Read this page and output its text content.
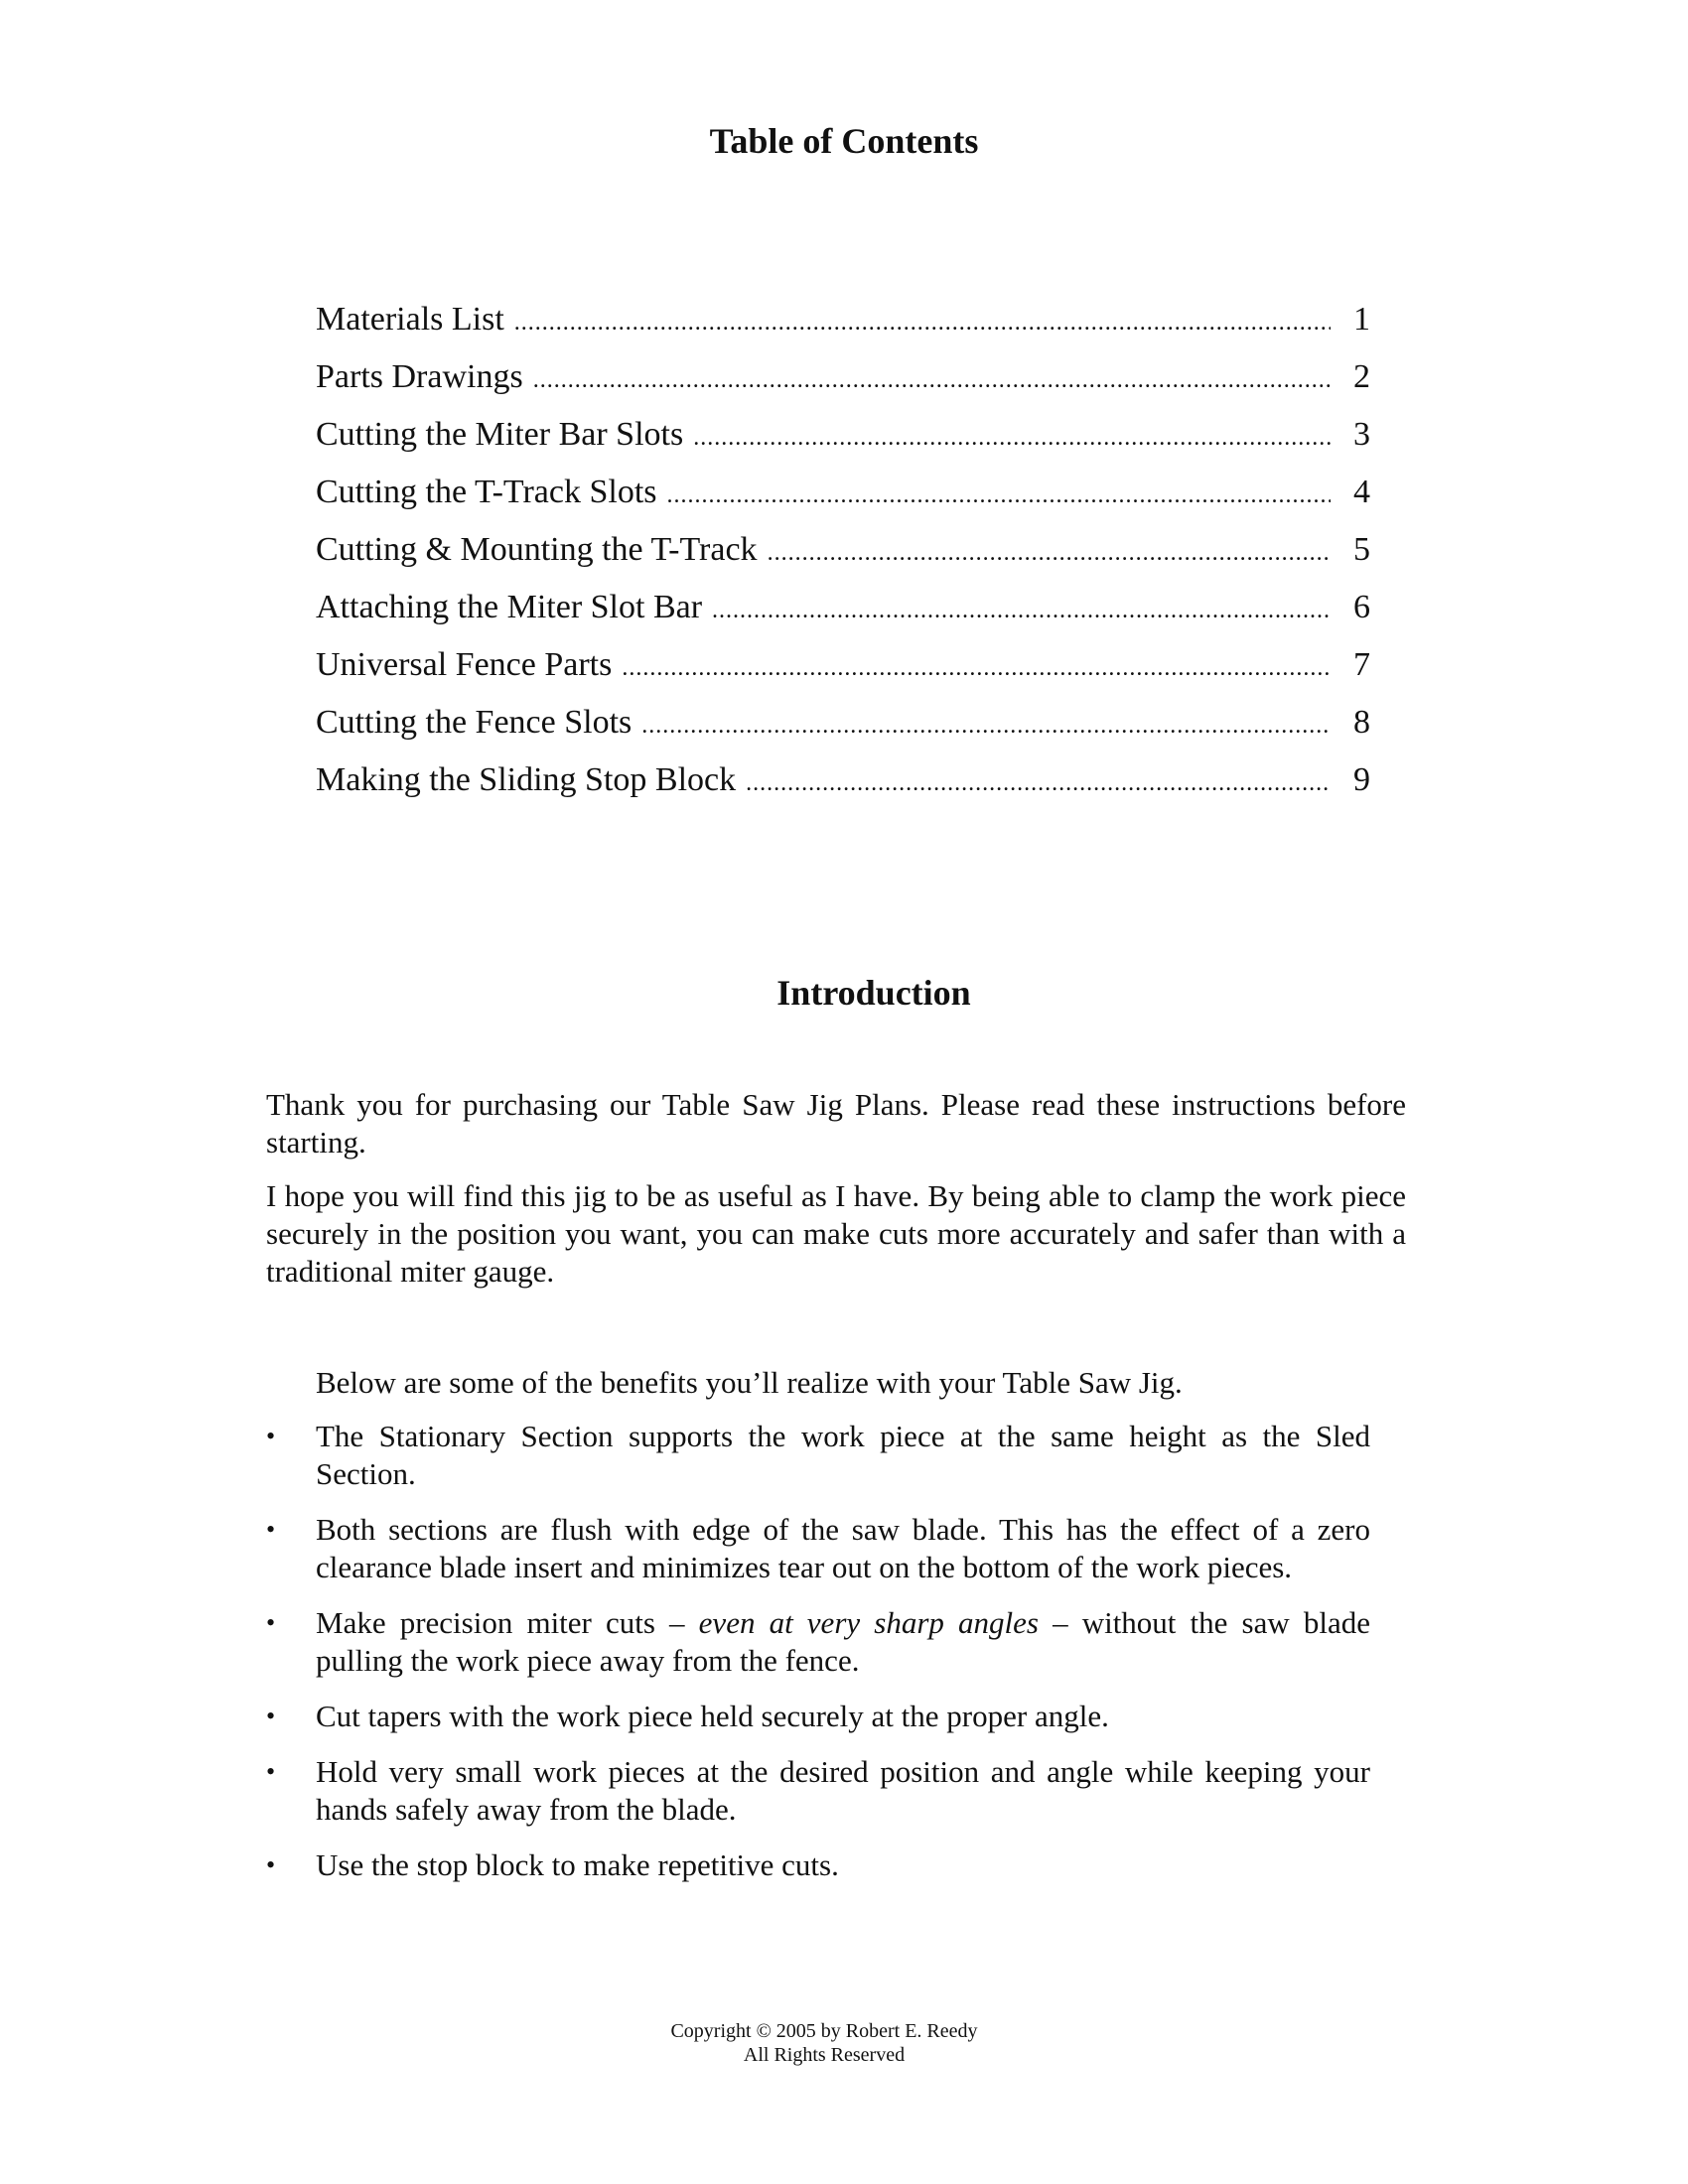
Table of Contents
Materials List .....	1
Parts Drawings .....	2
Cutting the Miter Bar Slots .....	3
Cutting the T-Track Slots .....	4
Cutting & Mounting the T-Track .....	5
Attaching the Miter Slot Bar .....	6
Universal Fence Parts .....	7
Cutting the Fence Slots .....	8
Making the Sliding Stop Block .....	9
Introduction

Thank you for purchasing our Table Saw Jig Plans. Please read these instructions before starting.

I hope you will find this jig to be as useful as I have. By being able to clamp the work piece securely in the position you want, you can make cuts more accurately and safer than with a traditional miter gauge.

Below are some of the benefits you’ll realize with your Table Saw Jig.

•	The Stationary Section supports the work piece at the same height as the Sled Section.
•	Both sections are flush with edge of the saw blade. This has the effect of a zero clearance blade insert and minimizes tear out on the bottom of the work pieces.
•	Make precision miter cuts – even at very sharp angles – without the saw blade pulling the work piece away from the fence.
•	Cut tapers with the work piece held securely at the proper angle.
•	Hold very small work pieces at the desired position and angle while keeping your hands safely away from the blade.
•	Use the stop block to make repetitive cuts.
Copyright © 2005 by Robert E. Reedy
All Rights Reserved
